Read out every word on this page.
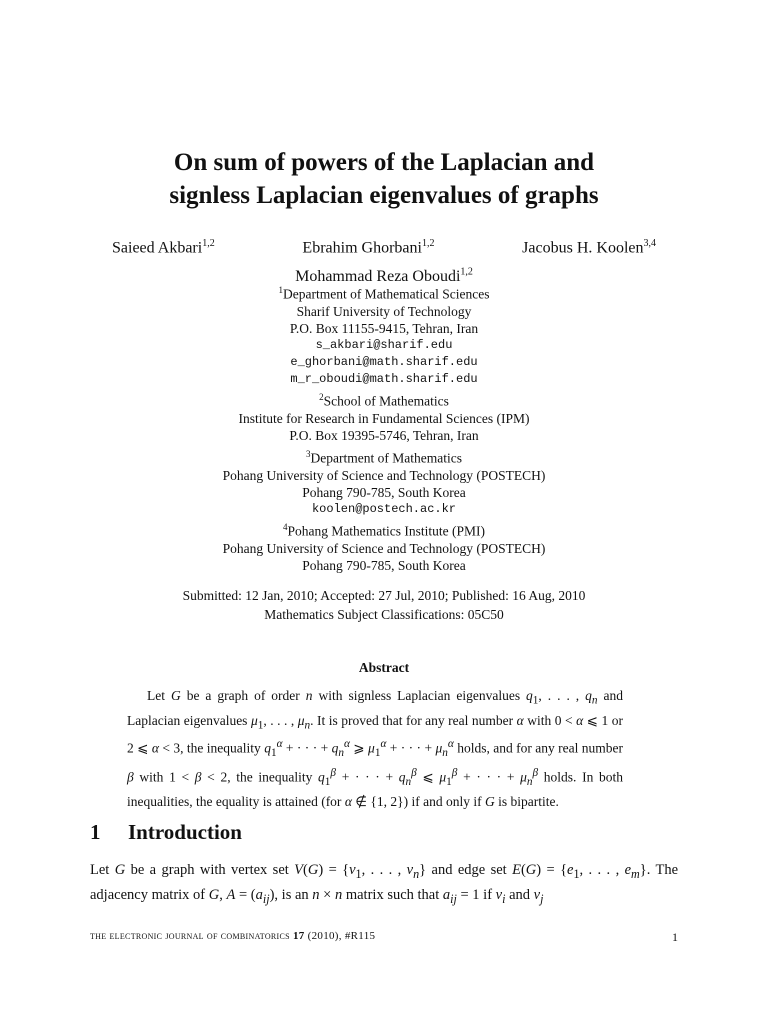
On sum of powers of the Laplacian and
signless Laplacian eigenvalues of graphs
Saieed Akbari$^{1,2}$	Ebrahim Ghorbani$^{1,2}$	Jacobus H. Koolen$^{3,4}$
Mohammad Reza Oboudi$^{1,2}$
$^1$Department of Mathematical Sciences
Sharif University of Technology
P.O. Box 11155-9415, Tehran, Iran
s_akbari@sharif.edu
e_ghorbani@math.sharif.edu
m_r_oboudi@math.sharif.edu
$^2$School of Mathematics
Institute for Research in Fundamental Sciences (IPM)
P.O. Box 19395-5746, Tehran, Iran
$^3$Department of Mathematics
Pohang University of Science and Technology (POSTECH)
Pohang 790-785, South Korea
koolen@postech.ac.kr
$^4$Pohang Mathematics Institute (PMI)
Pohang University of Science and Technology (POSTECH)
Pohang 790-785, South Korea
Submitted: 12 Jan, 2010; Accepted: 27 Jul, 2010; Published: 16 Aug, 2010
Mathematics Subject Classifications: 05C50
Abstract

Let G be a graph of order n with signless Laplacian eigenvalues $q_1$, . . . , $q_n$ and Laplacian eigenvalues $\mu_1$, . . . , $\mu_n$. It is proved that for any real number α with 0 < α ⩽ 1 or 2 ⩽ α < 3, the inequality $q_1^\alpha$ + · · · + $q_n^\alpha$ ⩾ $\mu_1^\alpha$ + · · · + $\mu_n^\alpha$ holds, and for any real number β with 1 < β < 2, the inequality $q_1^\beta$ + · · · + $q_n^\beta$ ⩽ $\mu_1^\beta$ + · · · + $\mu_n^\beta$ holds. In both inequalities, the equality is attained (for α ∉ {1, 2}) if and only if G is bipartite.

1 Introduction

Let G be a graph with vertex set $V(G) = \{v_1$, . . . , $v_n$} and edge set $E(G) = \{e_1$, . . . , $e_m$}. The adjacency matrix of G, $A = (a_{ij})$, is an n × n matrix such that $a_{ij} = 1$ if $v_i$ and $v_j$

the electronic journal of combinatorics 17 (2010), #R115	1
